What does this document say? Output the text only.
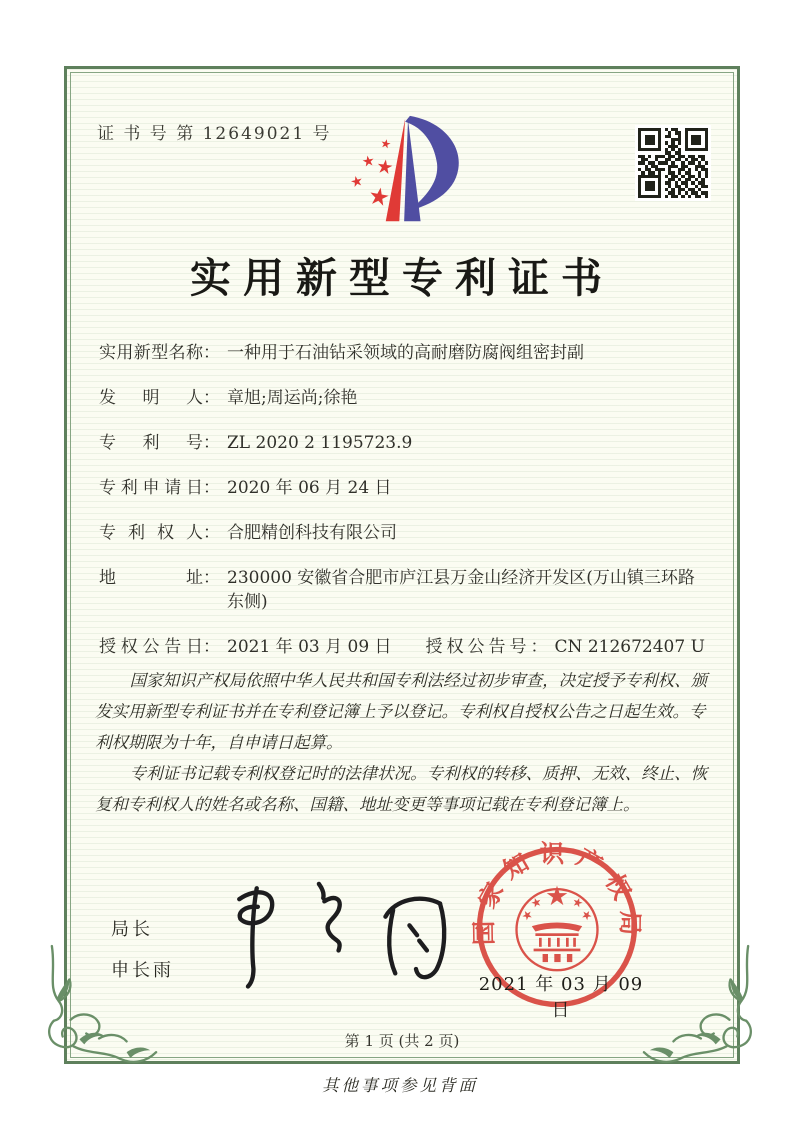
证 书 号 第 12649021 号
实用新型专利证书
实用新型名称 ： 一种用于石油钻采领域的高耐磨防腐阀组密封副
发明人 ： 章旭;周运尚;徐艳
专利号 ： ZL 2020 2 1195723.9
专利申请日 ： 2020 年 06 月 24 日
专利权人 ： 合肥精创科技有限公司
地址 ： 230000 安徽省合肥市庐江县万金山经济开发区(万山镇三环路东侧)
授权公告日 ： 2021 年 03 月 09 日 授权公告号 ： CN 212672407 U

国家知识产权局依照中华人民共和国专利法经过初步审查，决定授予专利权、颁发实用新型专利证书并在专利登记簿上予以登记。专利权自授权公告之日起生效。专利权期限为十年，自申请日起算。

专利证书记载专利权登记时的法律状况。专利权的转移、质押、无效、终止、恢复和专利权人的姓名或名称、国籍、地址变更等事项记载在专利登记簿上。

局长
申长雨
国家知识产权局
2021 年 03 月 09 日
第 1 页 (共 2 页)
其他事项参见背面
